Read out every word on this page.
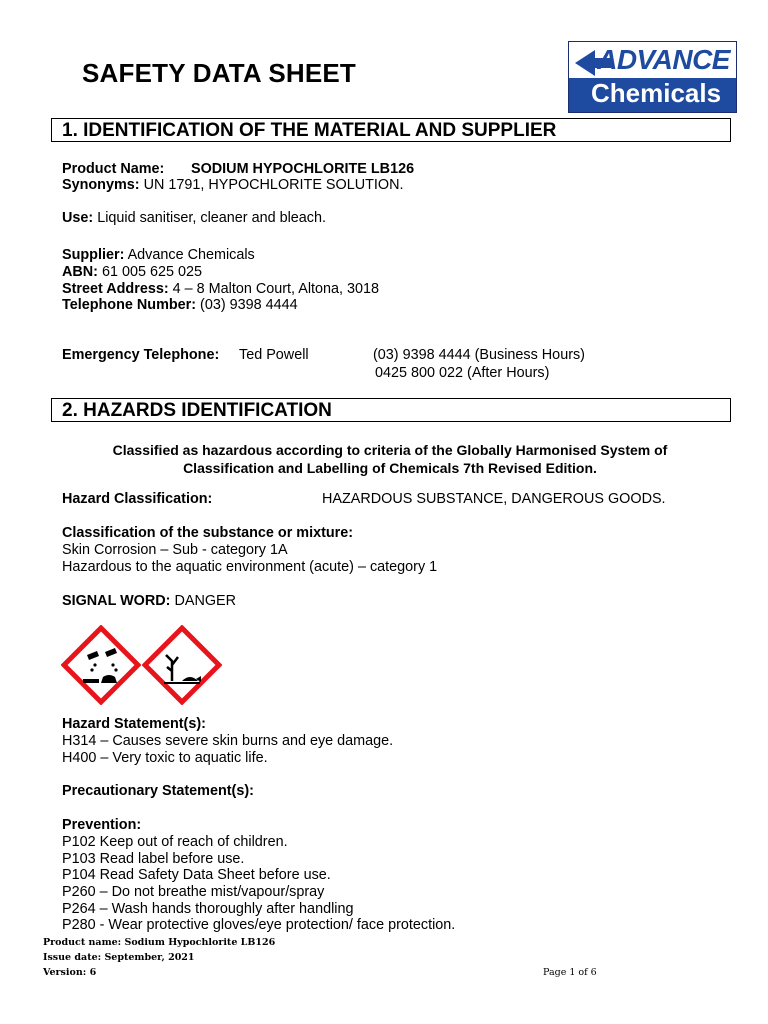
SAFETY DATA SHEET	ADVANCE
Chemicals
1. IDENTIFICATION OF THE MATERIAL AND SUPPLIER
Product Name: SODIUM HYPOCHLORITE LB126
Synonyms: UN 1791, HYPOCHLORITE SOLUTION.
Use: Liquid sanitiser, cleaner and bleach.
Supplier: Advance Chemicals
ABN: 61 005 625 025
Street Address: 4 – 8 Malton Court, Altona, 3018
Telephone Number: (03) 9398 4444
Emergency Telephone: Ted Powell	(03) 9398 4444 (Business Hours)
0425 800 022 (After Hours)
2. HAZARDS IDENTIFICATION
Classified as hazardous according to criteria of the Globally Harmonised System of
Classification and Labelling of Chemicals 7th Revised Edition.
Hazard Classification:	HAZARDOUS SUBSTANCE, DANGEROUS GOODS.
Classification of the substance or mixture:
Skin Corrosion – Sub - category 1A
Hazardous to the aquatic environment (acute) – category 1
SIGNAL WORD: DANGER
Hazard Statement(s):
H314 – Causes severe skin burns and eye damage.
H400 – Very toxic to aquatic life.
Precautionary Statement(s):
Prevention:
P102 Keep out of reach of children.
P103 Read label before use.
P104 Read Safety Data Sheet before use.
P260 – Do not breathe mist/vapour/spray
P264 – Wash hands thoroughly after handling
P280 - Wear protective gloves/eye protection/ face protection.
Product name: Sodium Hypochlorite LB126
Issue date: September, 2021
Version: 6	Page 1 of 6
